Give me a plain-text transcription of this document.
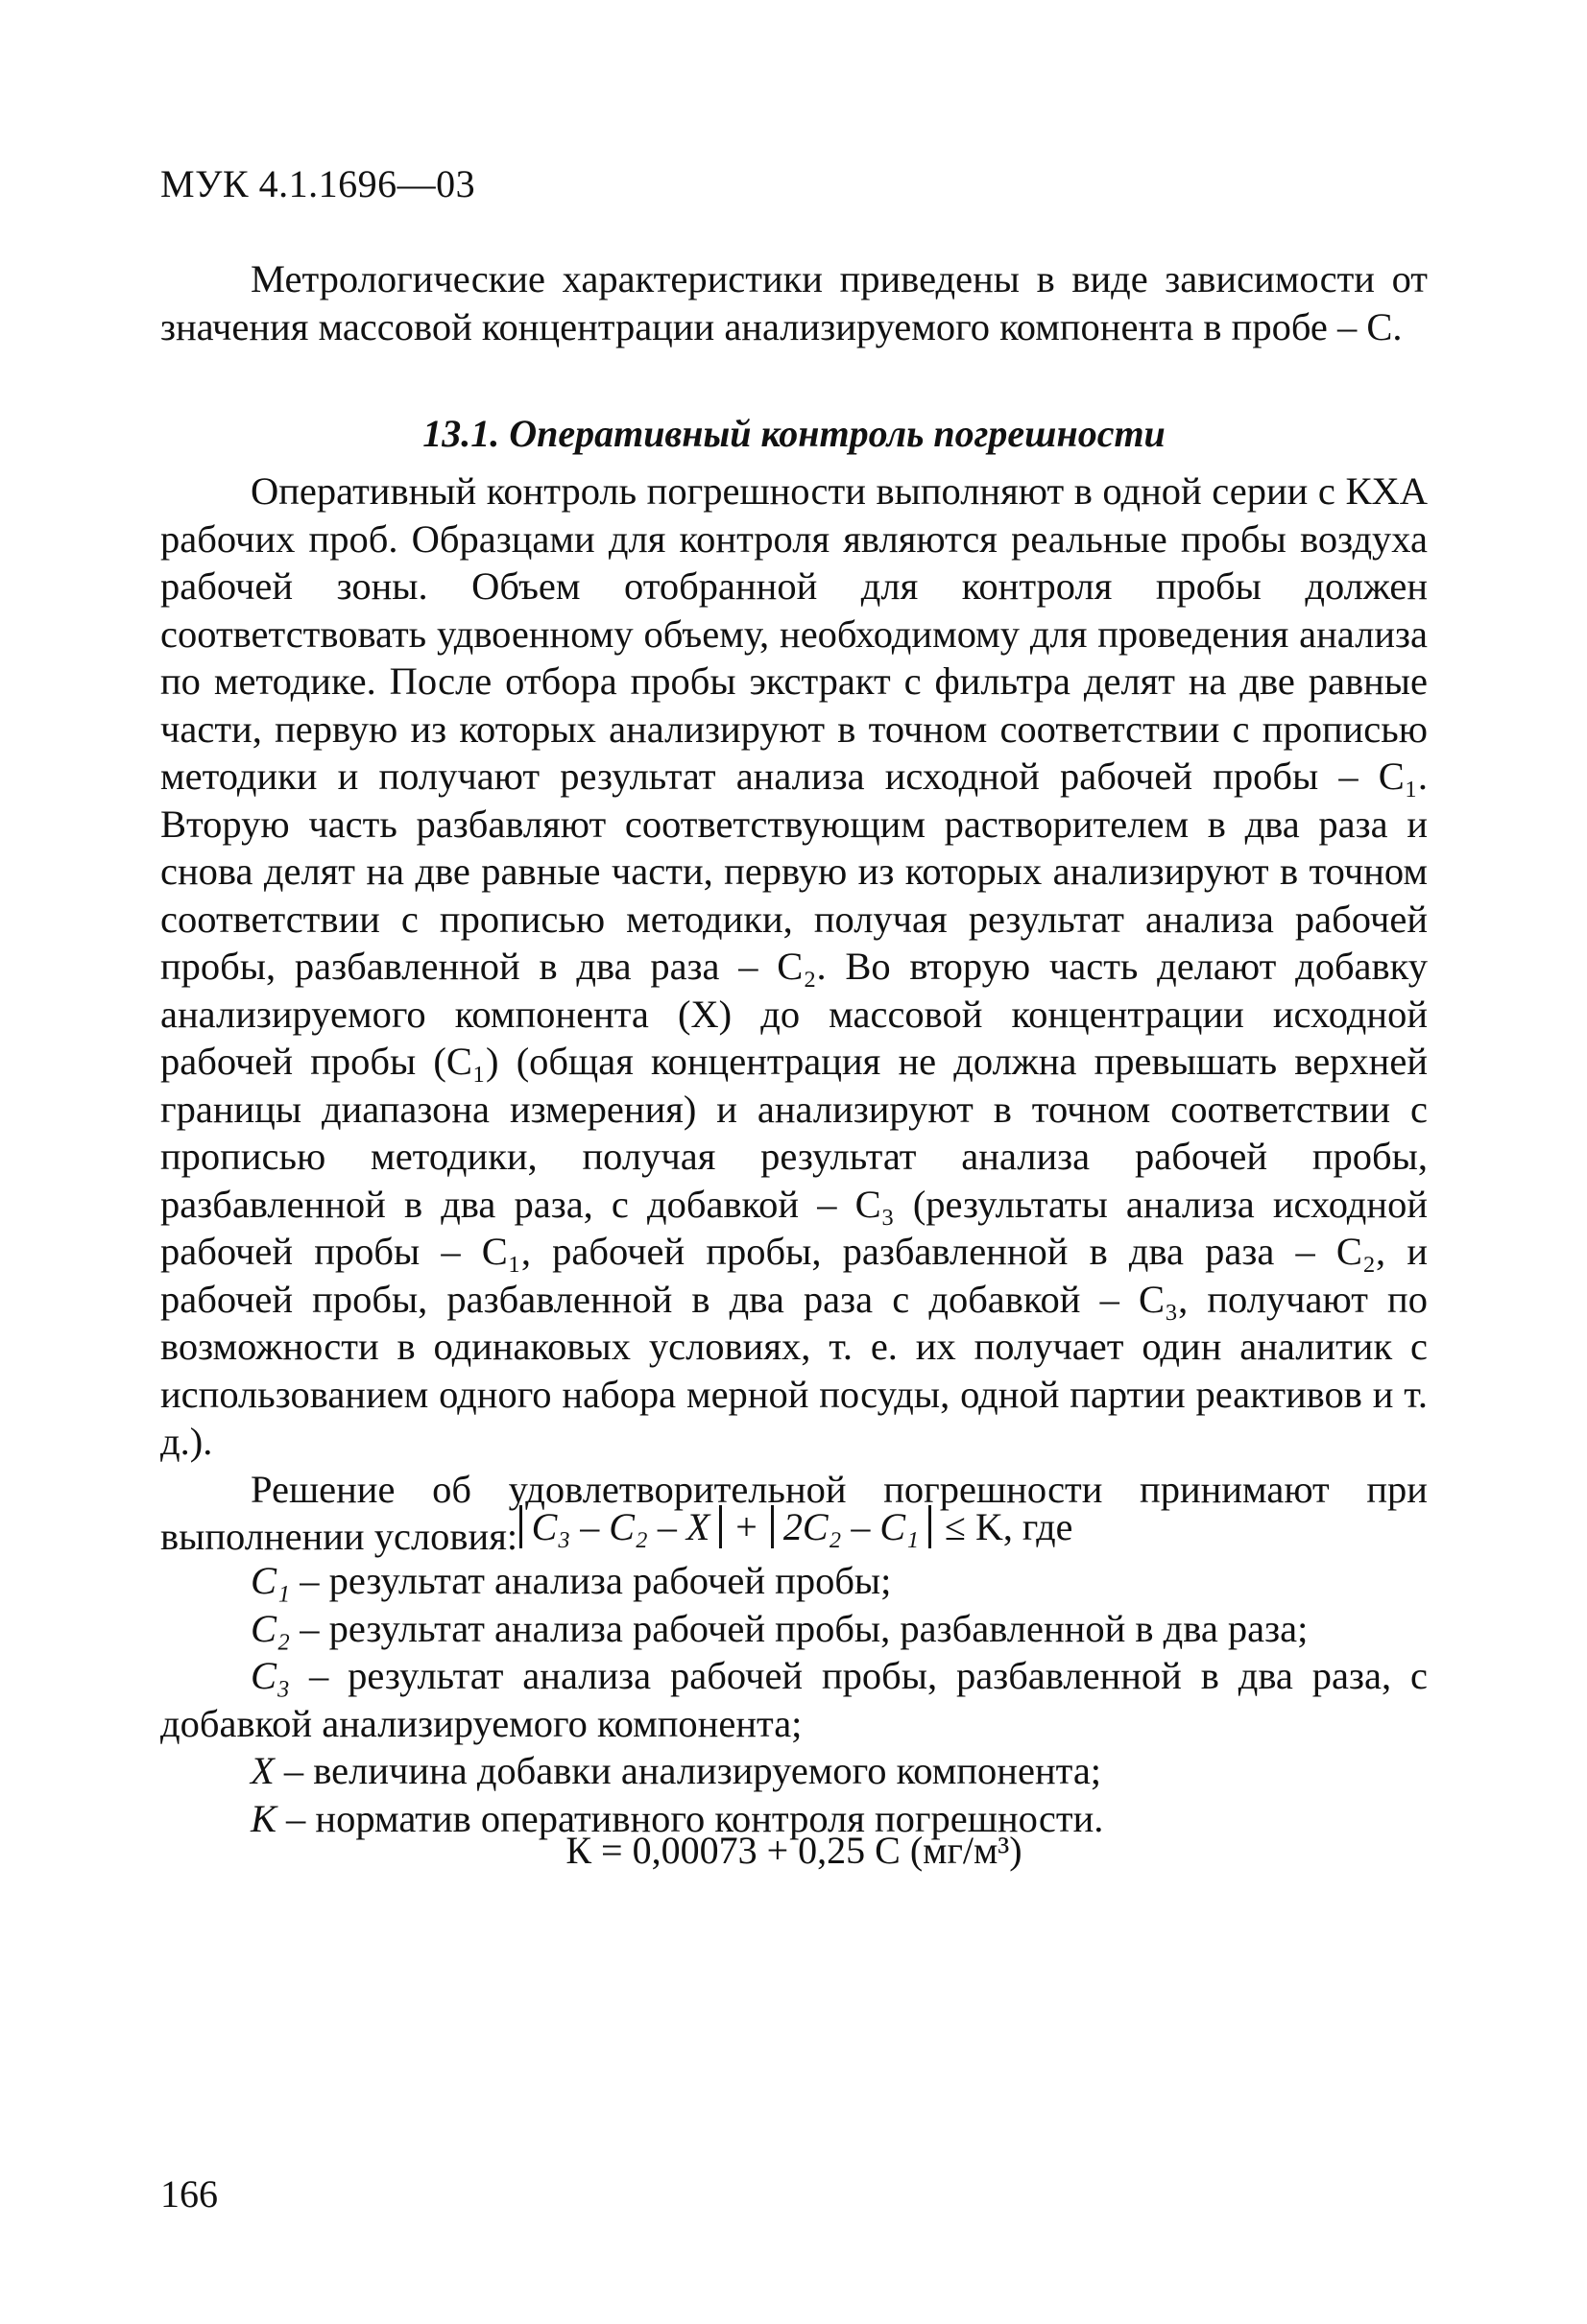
МУК 4.1.1696—03

Метрологические характеристики приведены в виде зависимости от значения массовой концентрации анализируемого компонента в пробе – С.

13.1. Оперативный контроль погрешности

Оперативный контроль погрешности выполняют в одной серии с КХА рабочих проб. Образцами для контроля являются реальные пробы воздуха рабочей зоны. Объем отобранной для контроля пробы должен соответствовать удвоенному объему, необходимому для проведения анализа по методике. После отбора пробы экстракт с фильтра делят на две равные части, первую из которых анализируют в точном соответствии с прописью методики и получают результат анализа исходной рабочей пробы – С₁. Вторую часть разбавляют соответствующим растворителем в два раза и снова делят на две равные части, первую из которых анализируют в точном соответствии с прописью методики, получая результат анализа рабочей пробы, разбавленной в два раза – С₂. Во вторую часть делают добавку анализируемого компонента (Х) до массовой концентрации исходной рабочей пробы (С₁) (общая концентрация не должна превышать верхней границы диапазона измерения) и анализируют в точном соответствии с прописью методики, получая результат анализа рабочей пробы, разбавленной в два раза, с добавкой – С₃ (результаты анализа исходной рабочей пробы – С₁, рабочей пробы, разбавленной в два раза – С₂, и рабочей пробы, разбавленной в два раза с добавкой – С₃, получают по возможности в одинаковых условиях, т. е. их получает один аналитик с использованием одного набора мерной посуды, одной партии реактивов и т. д.).

Решение об удовлетворительной погрешности принимают при выполнении условия: C₃ – C₂ – X + 2C₂ – C₁ ≤ K, где

С₁ – результат анализа рабочей пробы;

С₂ – результат анализа рабочей пробы, разбавленной в два раза;

С₃ – результат анализа рабочей пробы, разбавленной в два раза, с добавкой анализируемого компонента;

Х – величина добавки анализируемого компонента;

К – норматив оперативного контроля погрешности.

К = 0,00073 + 0,25 С (мг/м³)
166
